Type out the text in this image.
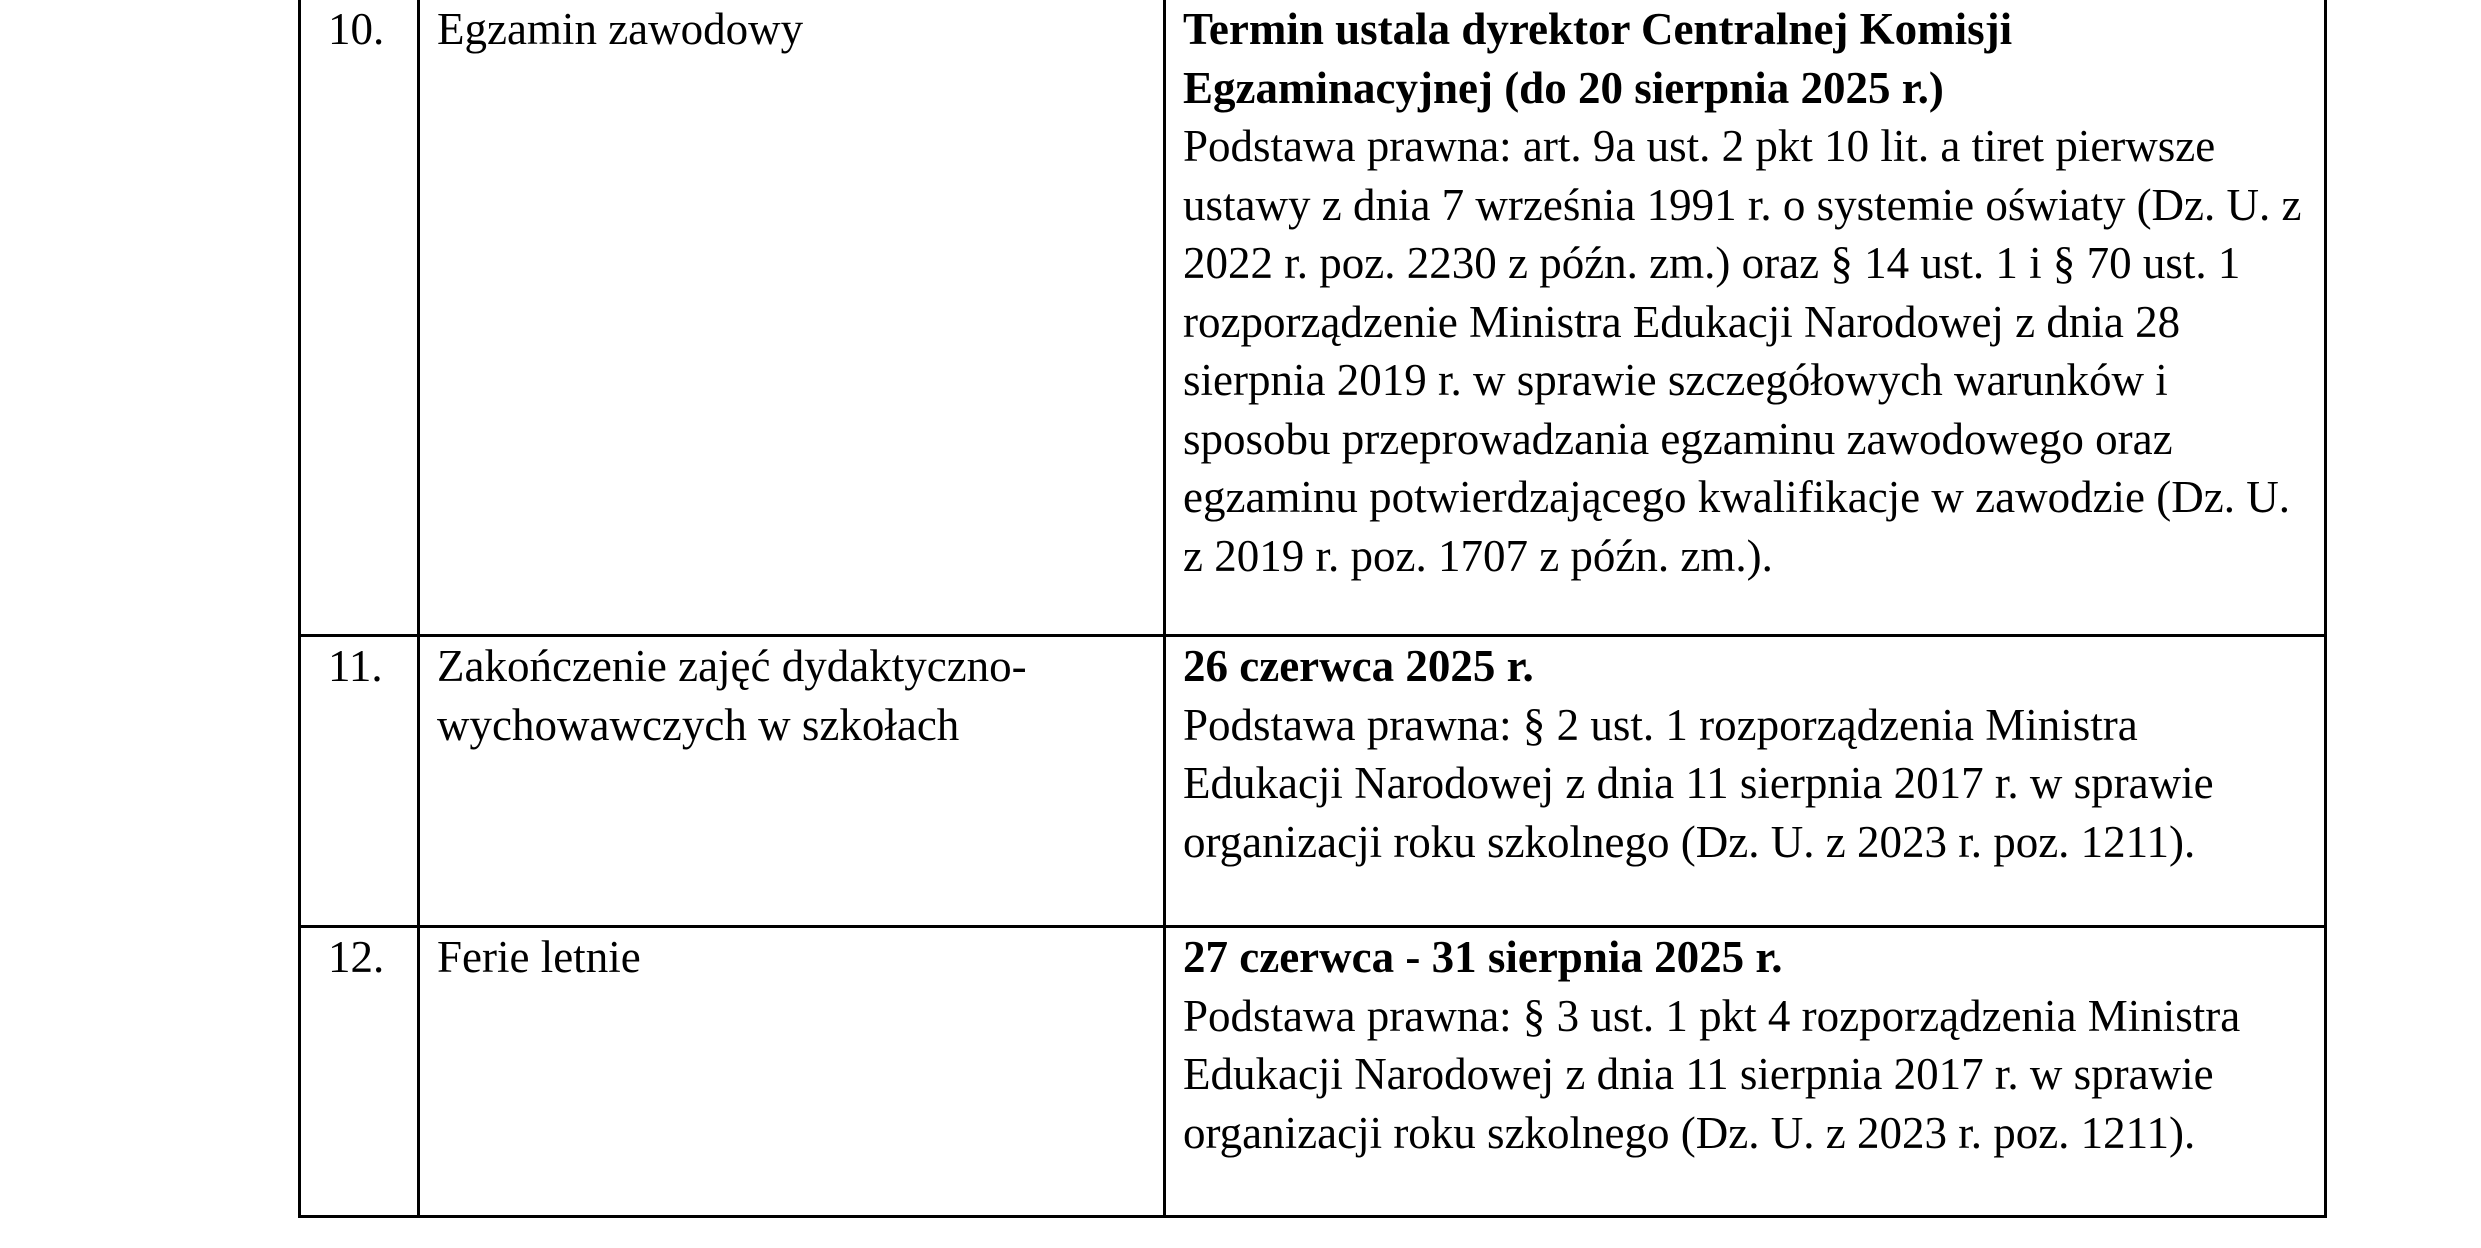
10.	Egzamin zawodowy	Termin ustala dyrektor Centralnej Komisji Egzaminacyjnej (do 20 sierpnia 2025 r.)
Podstawa prawna: art. 9a ust. 2 pkt 10 lit. a tiret pierwsze ustawy z dnia 7 września 1991 r. o systemie oświaty (Dz. U. z 2022 r. poz. 2230 z późn. zm.) oraz § 14 ust. 1 i § 70 ust. 1 rozporządzenie Ministra Edukacji Narodowej z dnia 28 sierpnia 2019 r. w sprawie szczegółowych warunków i sposobu przeprowadzania egzaminu zawodowego oraz egzaminu potwierdzającego kwalifikacje w zawodzie (Dz. U. z 2019 r. poz. 1707 z późn. zm.).

11.	Zakończenie zajęć dydaktyczno-wychowawczych w szkołach	26 czerwca 2025 r.
Podstawa prawna: § 2 ust. 1 rozporządzenia Ministra Edukacji Narodowej z dnia 11 sierpnia 2017 r. w sprawie organizacji roku szkolnego (Dz. U. z 2023 r. poz. 1211).

12.	Ferie letnie	27 czerwca - 31 sierpnia 2025 r.
Podstawa prawna: § 3 ust. 1 pkt 4 rozporządzenia Ministra Edukacji Narodowej z dnia 11 sierpnia 2017 r. w sprawie organizacji roku szkolnego (Dz. U. z 2023 r. poz. 1211).
